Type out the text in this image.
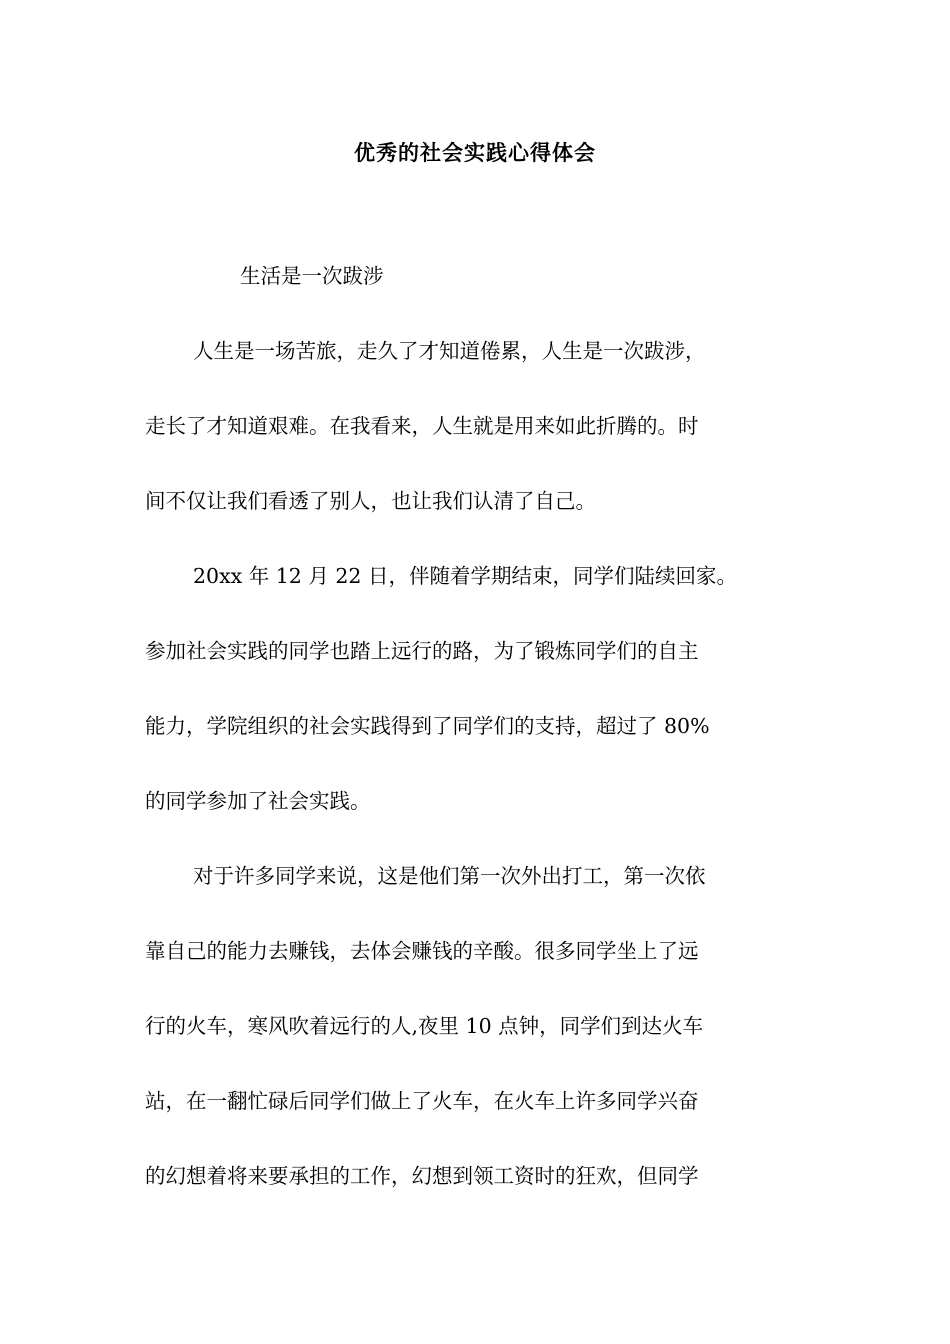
优秀的社会实践心得体会

生活是一次跋涉

人生是一场苦旅，走久了才知道倦累，人生是一次跋涉，

走长了才知道艰难。在我看来，人生就是用来如此折腾的。时

间不仅让我们看透了别人，也让我们认清了自己。

20xx 年 12 月 22 日，伴随着学期结束，同学们陆续回家。

参加社会实践的同学也踏上远行的路，为了锻炼同学们的自主

能力，学院组织的社会实践得到了同学们的支持，超过了 80%

的同学参加了社会实践。

对于许多同学来说，这是他们第一次外出打工，第一次依

靠自己的能力去赚钱，去体会赚钱的辛酸。很多同学坐上了远

行的火车，寒风吹着远行的人,夜里 10 点钟，同学们到达火车

站，在一翻忙碌后同学们做上了火车，在火车上许多同学兴奋

的幻想着将来要承担的工作，幻想到领工资时的狂欢，但同学
